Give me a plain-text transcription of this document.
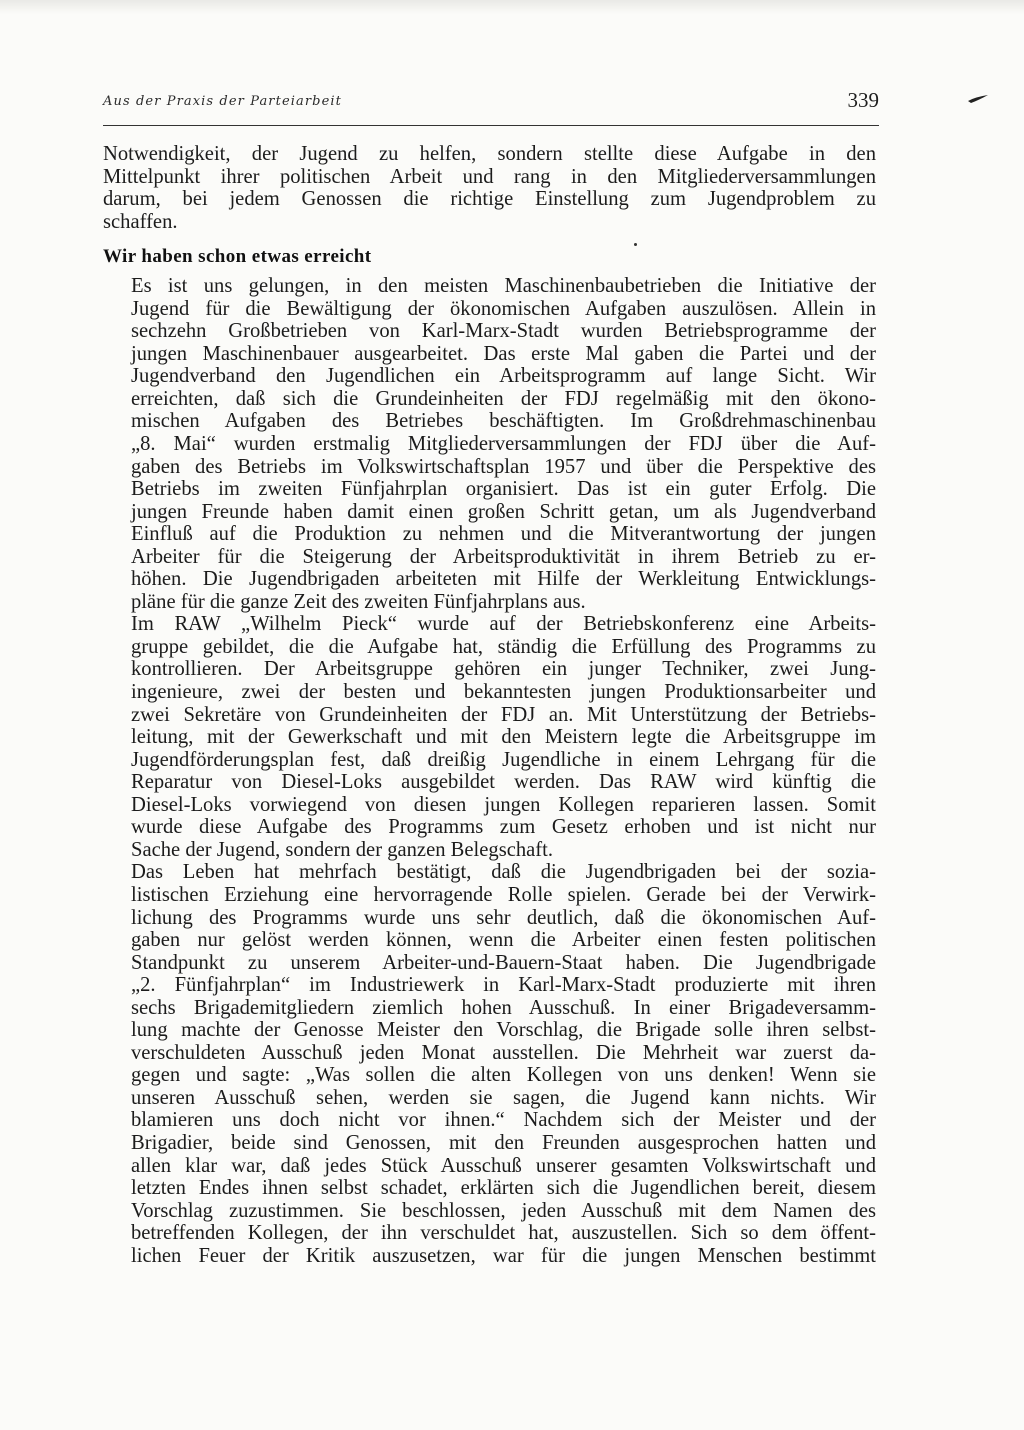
Aus der Praxis der Parteiarbeit	339

Notwendigkeit, der Jugend zu helfen, sondern stellte diese Aufgabe in den
Mittelpunkt ihrer politischen Arbeit und rang in den Mitgliederversammlungen
darum, bei jedem Genossen die richtige Einstellung zum Jugendproblem zu
schaffen.

Wir haben schon etwas erreicht

Es ist uns gelungen, in den meisten Maschinenbaubetrieben die Initiative der
Jugend für die Bewältigung der ökonomischen Aufgaben auszulösen. Allein in
sechzehn Großbetrieben von Karl-Marx-Stadt wurden Betriebsprogramme der
jungen Maschinenbauer ausgearbeitet. Das erste Mal gaben die Partei und der
Jugendverband den Jugendlichen ein Arbeitsprogramm auf lange Sicht. Wir
erreichten, daß sich die Grundeinheiten der FDJ regelmäßig mit den ökono-
mischen Aufgaben des Betriebes beschäftigten. Im Großdrehmaschinenbau
„8. Mai“ wurden erstmalig Mitgliederversammlungen der FDJ über die Auf-
gaben des Betriebs im Volkswirtschaftsplan 1957 und über die Perspektive des
Betriebs im zweiten Fünfjahrplan organisiert. Das ist ein guter Erfolg. Die
jungen Freunde haben damit einen großen Schritt getan, um als Jugendverband
Einfluß auf die Produktion zu nehmen und die Mitverantwortung der jungen
Arbeiter für die Steigerung der Arbeitsproduktivität in ihrem Betrieb zu er-
höhen. Die Jugendbrigaden arbeiteten mit Hilfe der Werkleitung Entwicklungs-
pläne für die ganze Zeit des zweiten Fünfjahrplans aus.

Im RAW „Wilhelm Pieck“ wurde auf der Betriebskonferenz eine Arbeits-
gruppe gebildet, die die Aufgabe hat, ständig die Erfüllung des Programms zu
kontrollieren. Der Arbeitsgruppe gehören ein junger Techniker, zwei Jung-
ingenieure, zwei der besten und bekanntesten jungen Produktionsarbeiter und
zwei Sekretäre von Grundeinheiten der FDJ an. Mit Unterstützung der Betriebs-
leitung, mit der Gewerkschaft und mit den Meistern legte die Arbeitsgruppe im
Jugendförderungsplan fest, daß dreißig Jugendliche in einem Lehrgang für die
Reparatur von Diesel-Loks ausgebildet werden. Das RAW wird künftig die
Diesel-Loks vorwiegend von diesen jungen Kollegen reparieren lassen. Somit
wurde diese Aufgabe des Programms zum Gesetz erhoben und ist nicht nur
Sache der Jugend, sondern der ganzen Belegschaft.

Das Leben hat mehrfach bestätigt, daß die Jugendbrigaden bei der sozia-
listischen Erziehung eine hervorragende Rolle spielen. Gerade bei der Verwirk-
lichung des Programms wurde uns sehr deutlich, daß die ökonomischen Auf-
gaben nur gelöst werden können, wenn die Arbeiter einen festen politischen
Standpunkt zu unserem Arbeiter-und-Bauern-Staat haben. Die Jugendbrigade
„2. Fünfjahrplan“ im Industriewerk in Karl-Marx-Stadt produzierte mit ihren
sechs Brigademitgliedern ziemlich hohen Ausschuß. In einer Brigadeversamm-
lung machte der Genosse Meister den Vorschlag, die Brigade solle ihren selbst-
verschuldeten Ausschuß jeden Monat ausstellen. Die Mehrheit war zuerst da-
gegen und sagte: „Was sollen die alten Kollegen von uns denken! Wenn sie
unseren Ausschuß sehen, werden sie sagen, die Jugend kann nichts. Wir
blamieren uns doch nicht vor ihnen.“ Nachdem sich der Meister und der
Brigadier, beide sind Genossen, mit den Freunden ausgesprochen hatten und
allen klar war, daß jedes Stück Ausschuß unserer gesamten Volkswirtschaft und
letzten Endes ihnen selbst schadet, erklärten sich die Jugendlichen bereit, diesem
Vorschlag zuzustimmen. Sie beschlossen, jeden Ausschuß mit dem Namen des
betreffenden Kollegen, der ihn verschuldet hat, auszustellen. Sich so dem öffent-
lichen Feuer der Kritik auszusetzen, war für die jungen Menschen bestimmt
